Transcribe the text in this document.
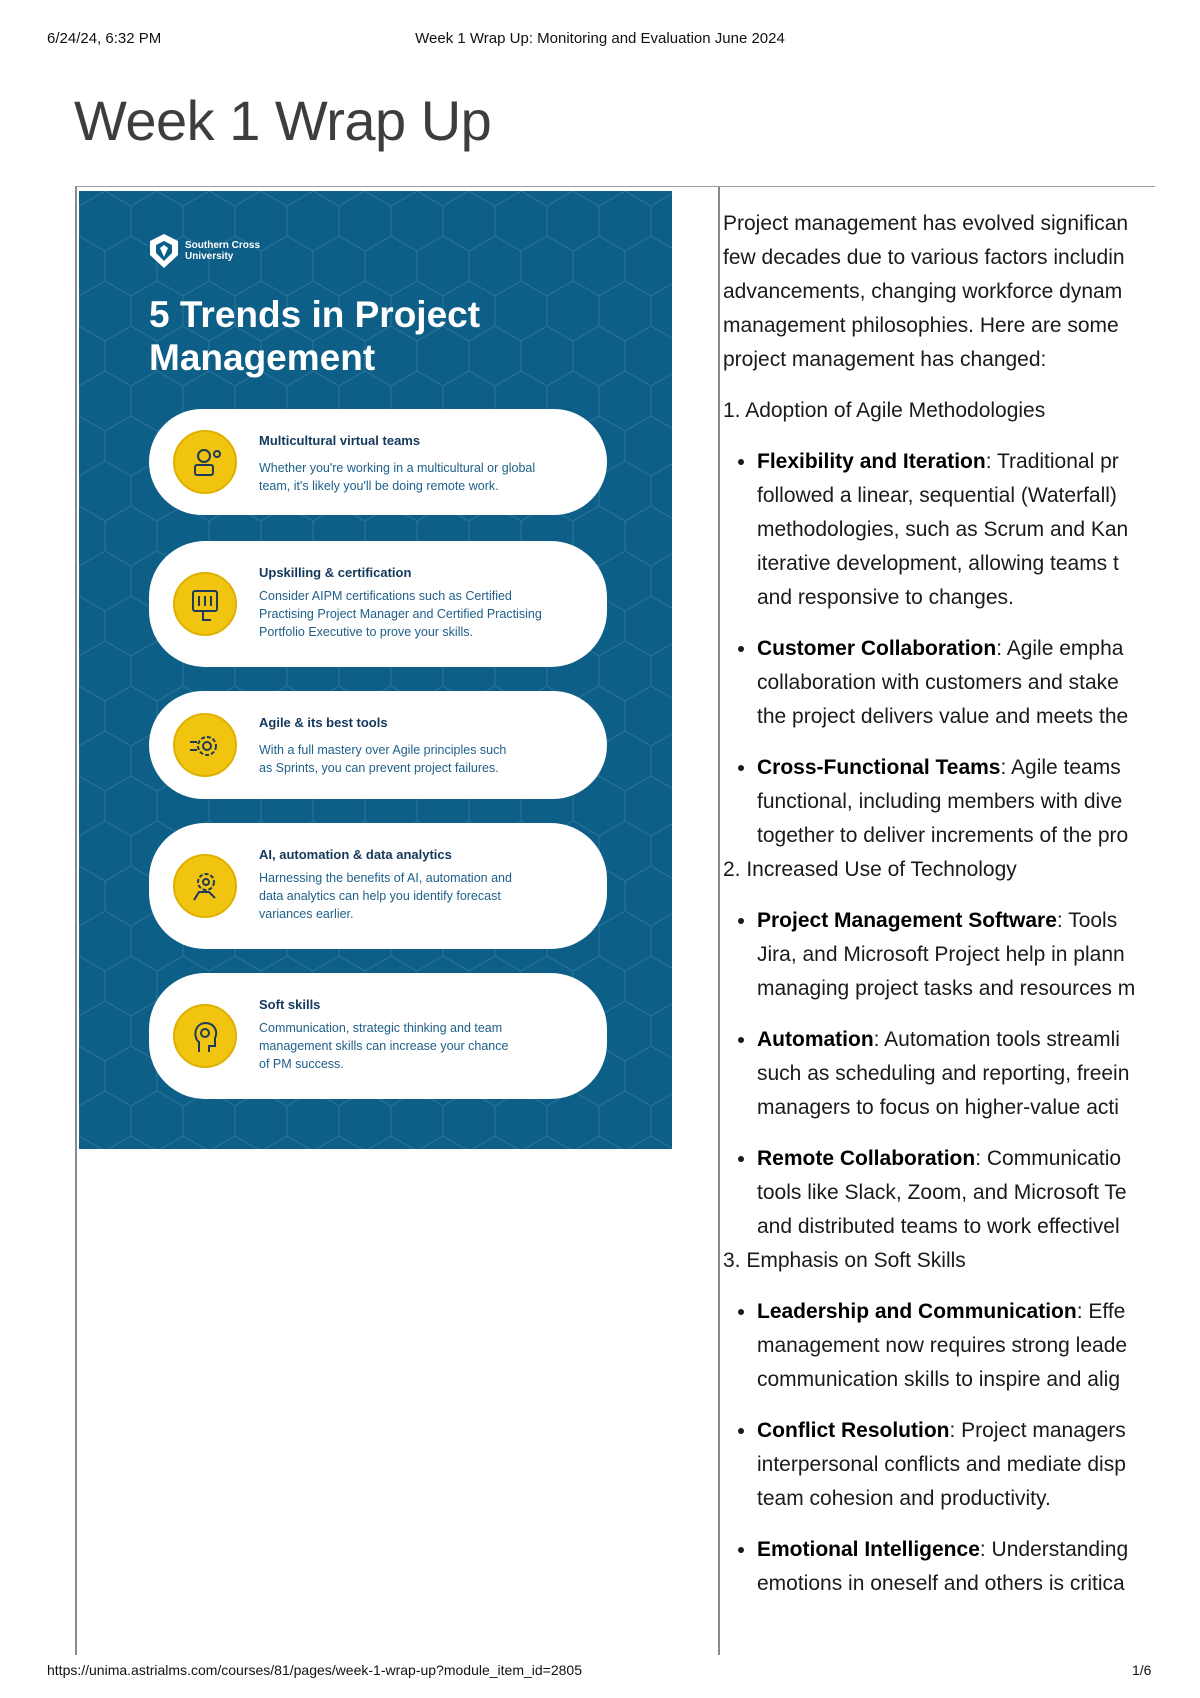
6/24/24, 6:32 PM	Week 1 Wrap Up: Monitoring and Evaluation June 2024
Week 1 Wrap Up
Southern Cross
University
5 Trends in Project
Management
Multicultural virtual teams
Whether you're working in a multicultural or global
team, it's likely you'll be doing remote work.
Upskilling & certification
Consider AIPM certifications such as Certified
Practising Project Manager and Certified Practising
Portfolio Executive to prove your skills.
Agile & its best tools
With a full mastery over Agile principles such
as Sprints, you can prevent project failures.
AI, automation & data analytics
Harnessing the benefits of AI, automation and
data analytics can help you identify forecast
variances earlier.
Soft skills
Communication, strategic thinking and team
management skills can increase your chance
of PM success.

Project management has evolved significan

few decades due to various factors includin

advancements, changing workforce dynam

management philosophies. Here are some

project management has changed:

1. Adoption of Agile Methodologies

• Flexibility and Iteration: Traditional pr
followed a linear, sequential (Waterfall)
methodologies, such as Scrum and Kan
iterative development, allowing teams t
and responsive to changes.
• Customer Collaboration: Agile empha
collaboration with customers and stake
the project delivers value and meets the
• Cross-Functional Teams: Agile teams
functional, including members with dive
together to deliver increments of the pro

2. Increased Use of Technology

• Project Management Software: Tools
Jira, and Microsoft Project help in plann
managing project tasks and resources m
• Automation: Automation tools streamli
such as scheduling and reporting, freein
managers to focus on higher-value acti
• Remote Collaboration: Communicatio
tools like Slack, Zoom, and Microsoft Te
and distributed teams to work effectivel

3. Emphasis on Soft Skills

• Leadership and Communication: Effe
management now requires strong leade
communication skills to inspire and alig
• Conflict Resolution: Project managers
interpersonal conflicts and mediate disp
team cohesion and productivity.
• Emotional Intelligence: Understanding
emotions in oneself and others is critica
https://unima.astrialms.com/courses/81/pages/week-1-wrap-up?module_item_id=2805	1/6
